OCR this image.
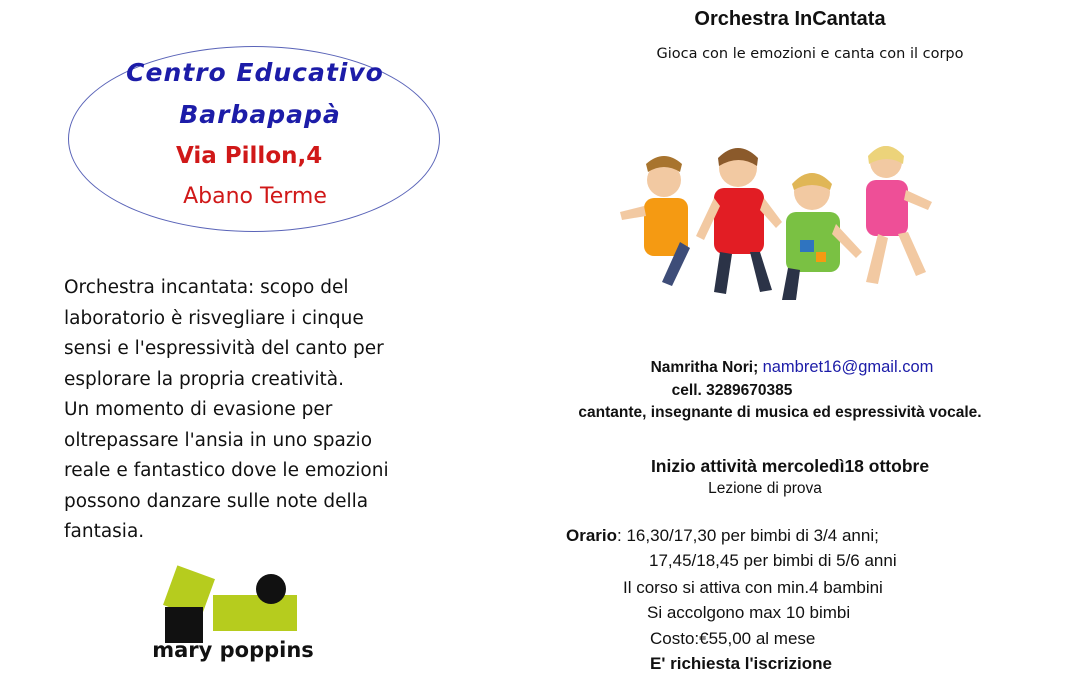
Centro Educativo
Barbapapà
Via Pillon,4
Abano Terme
Orchestra incantata: scopo del
laboratorio è risvegliare i cinque
sensi e l'espressività del canto per
esplorare la propria creatività.
Un momento di evasione per
oltrepassare l'ansia in uno spazio
reale e fantastico dove le emozioni
possono danzare sulle note della
fantasia.
mary poppins
Orchestra InCantata
Gioca con le emozioni e canta con il corpo
Namritha Nori; nambret16@gmail.com
cell. 3289670385
cantante, insegnante di musica ed espressività vocale.
Inizio attività mercoledì18 ottobre
Lezione di prova
Orario: 16,30/17,30 per bimbi di 3/4 anni;
17,45/18,45 per bimbi di 5/6 anni
Il corso si attiva con min.4 bambini
Si accolgono max 10 bimbi
Costo:€55,00 al mese
E' richiesta l'iscrizione
